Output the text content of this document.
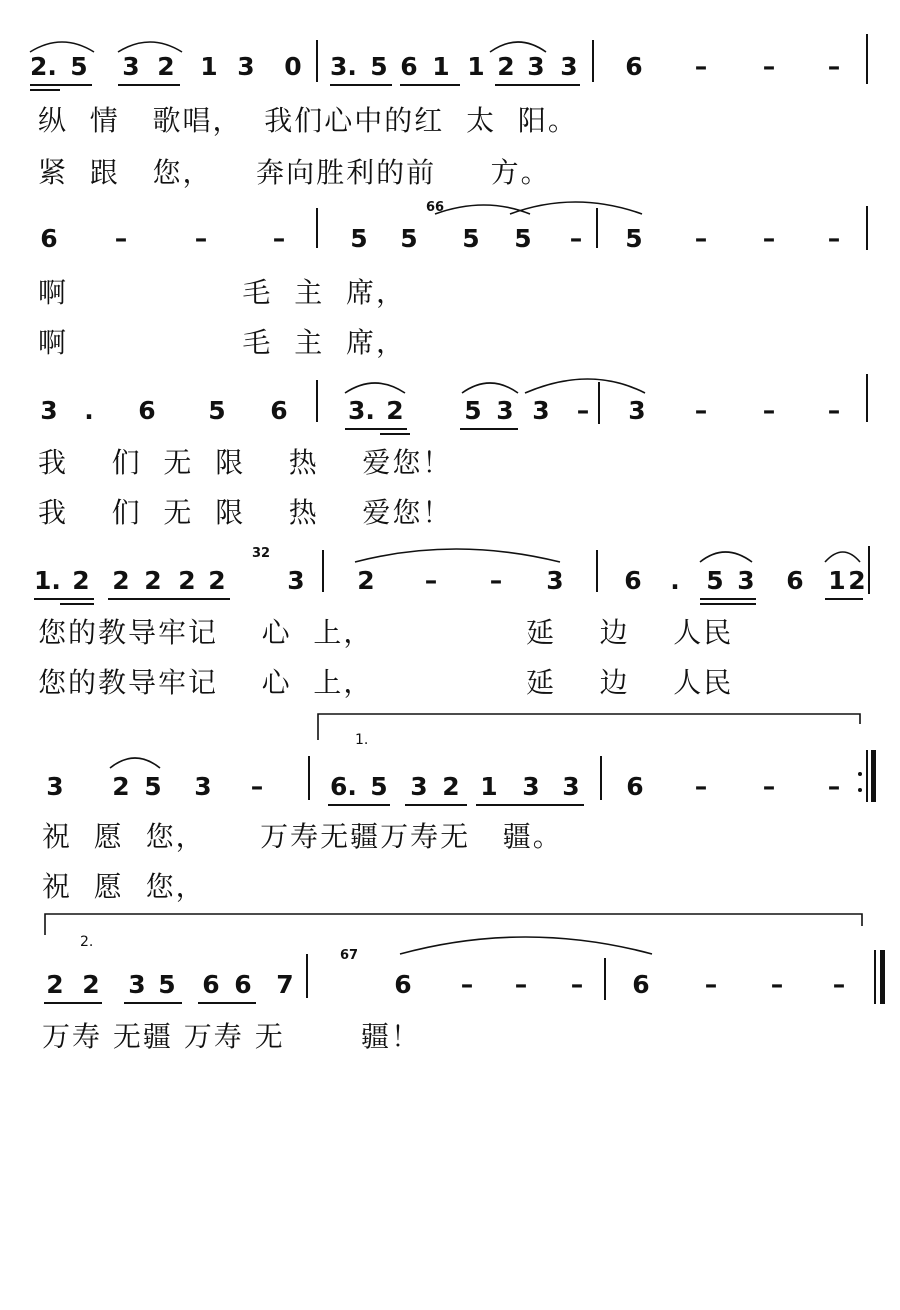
2. 5 3 2 1 3 0 3. 5 6 1 1 2 3 3 6 – – –
纵  情   歌唱，  我们心中的红  太  阳。
紧  跟   您，    奔向胜利的前     方。
6 –	–	–	5 5 5 5 – 5 – – –
66
啊                毛  主  席，
啊                毛  主  席，
3 . 6 5 6 3. 2 5 3 3 – 3 – – –
我    们  无  限    热    爱您！
我    们  无  限    热    爱您！
1. 2 2 2 2 2 3 2 – – 3 6 . 5 3 6 1 2
32
您的教导牢记    心  上，              延    边    人民
您的教导牢记    心  上，              延    边    人民
1.
3 2 5 3 –	6. 5 3 2 1 3 3 6 – – –
祝  愿  您，     万寿无疆万寿无   疆。
祝  愿  您，
2.
67
2 2 3 5 6 6 7	6 – – – 6 – – –
万寿 无疆 万寿 无       疆！
